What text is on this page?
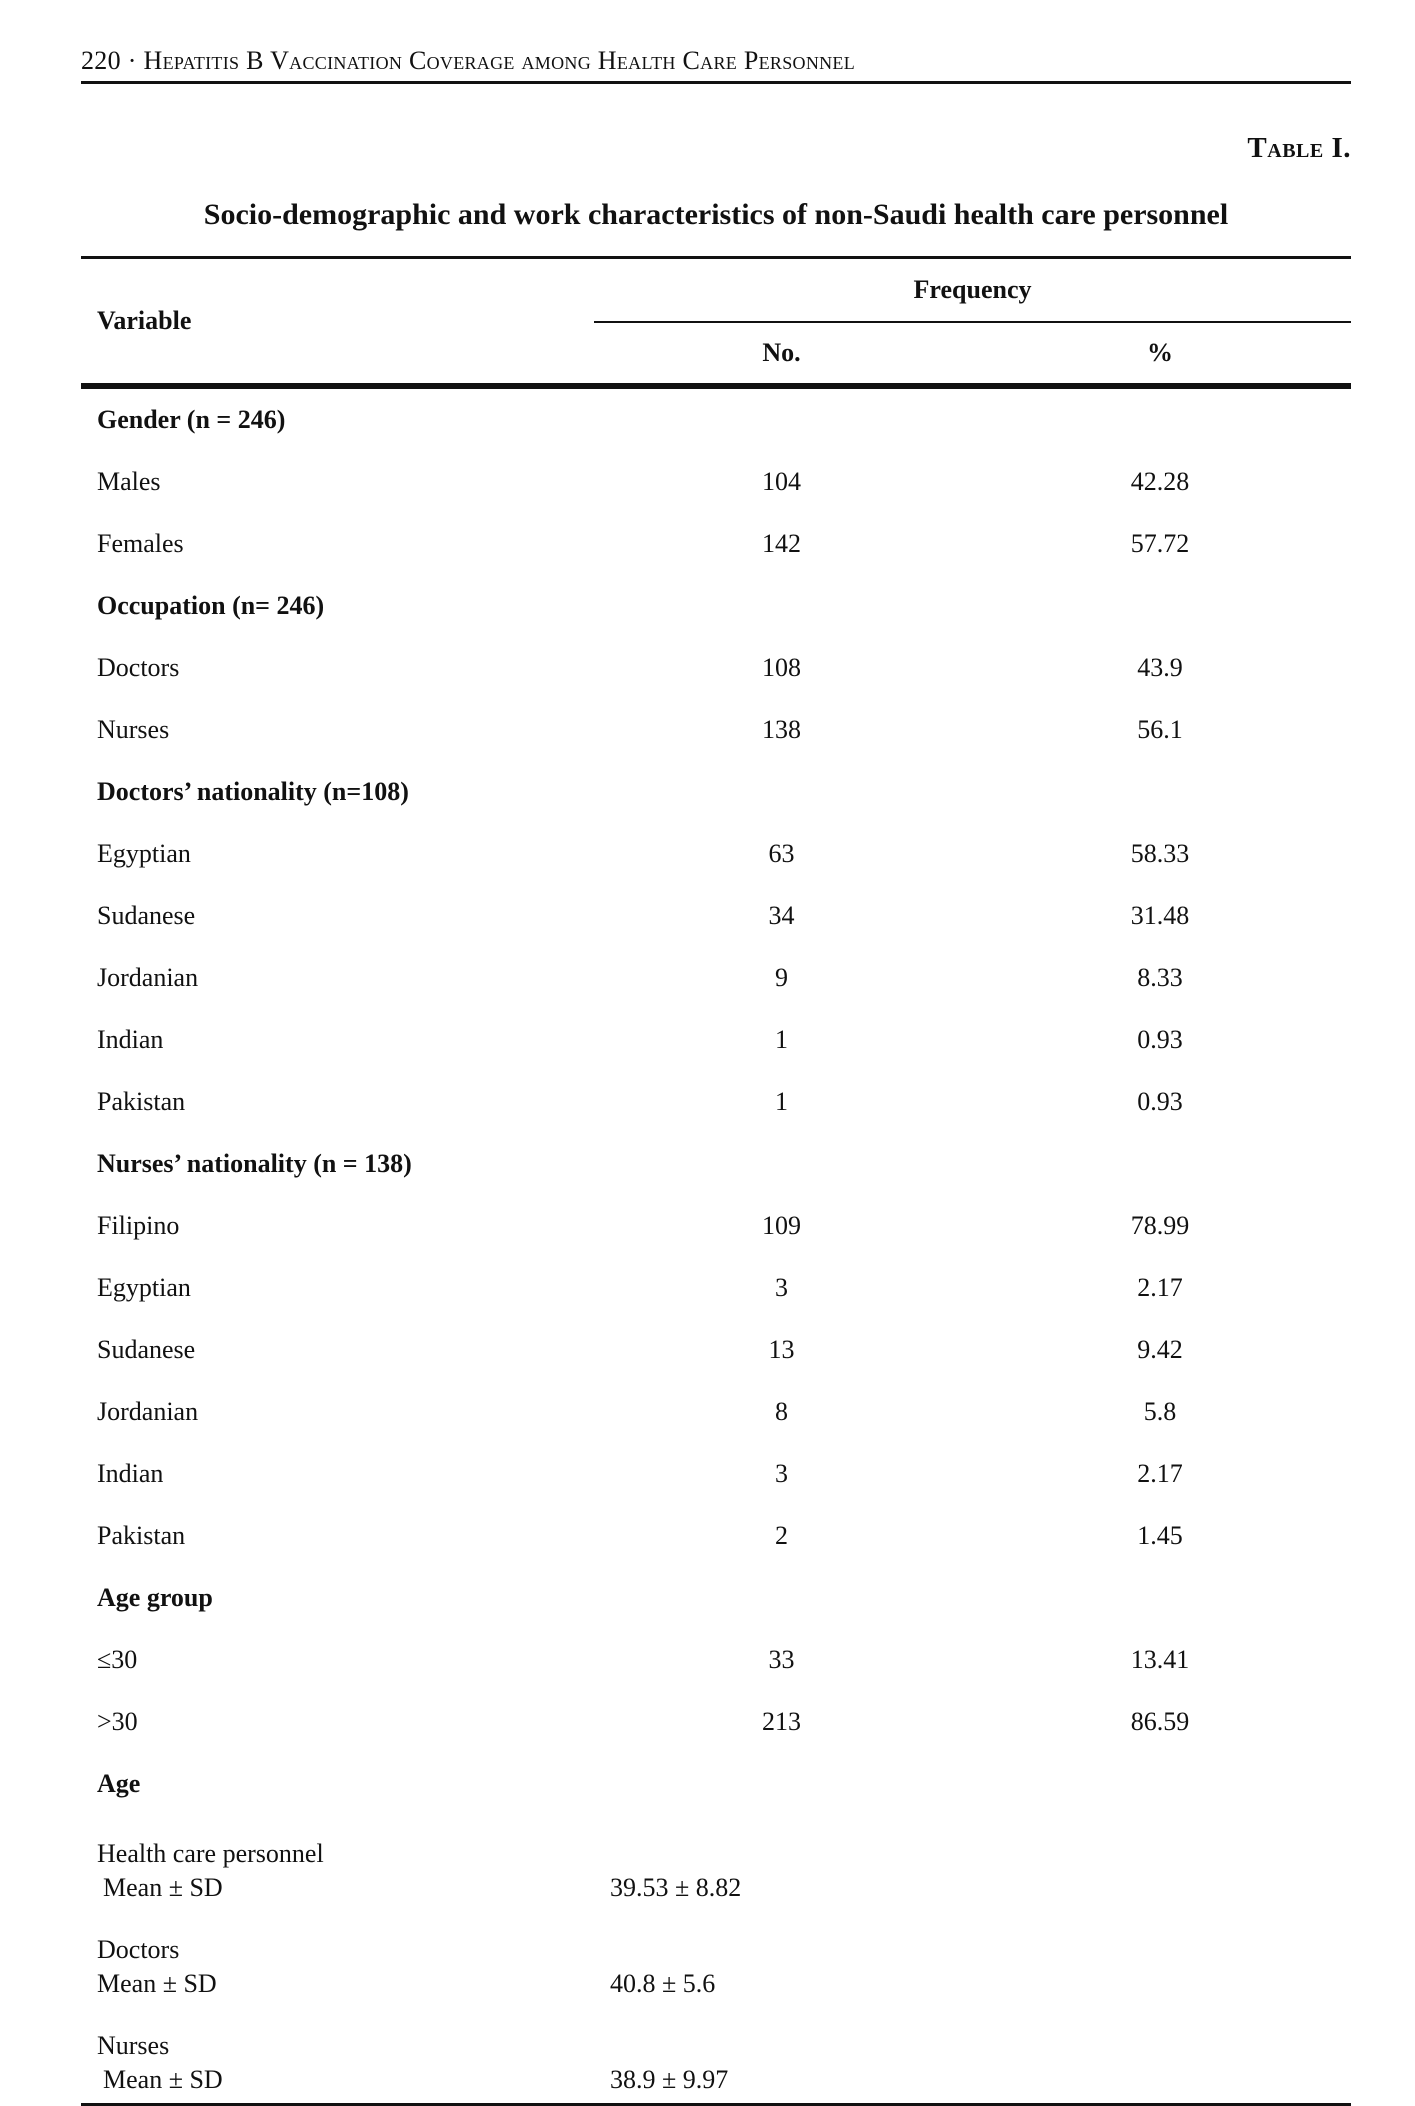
220 · Hepatitis B Vaccination Coverage among Health Care Personnel
Table I.
Socio-demographic and work characteristics of non-Saudi health care personnel
Variable	Frequency	
	No.	%
Gender (n = 246)		
Males	104	42.28
Females	142	57.72
Occupation (n= 246)		
Doctors	108	43.9
Nurses	138	56.1
Doctors’ nationality (n=108)		
Egyptian	63	58.33
Sudanese	34	31.48
Jordanian	9	8.33
Indian	1	0.93
Pakistan	1	0.93
Nurses’ nationality (n = 138)		
Filipino	109	78.99
Egyptian	3	2.17
Sudanese	13	9.42
Jordanian	8	5.8
Indian	3	2.17
Pakistan	2	1.45
Age group		
≤30	33	13.41
>30	213	86.59
Age		

Health care personnel
Mean ± SD	39.53 ± 8.82	

Doctors
Mean ± SD	40.8 ± 5.6	

Nurses
Mean ± SD	38.9 ± 9.97	
